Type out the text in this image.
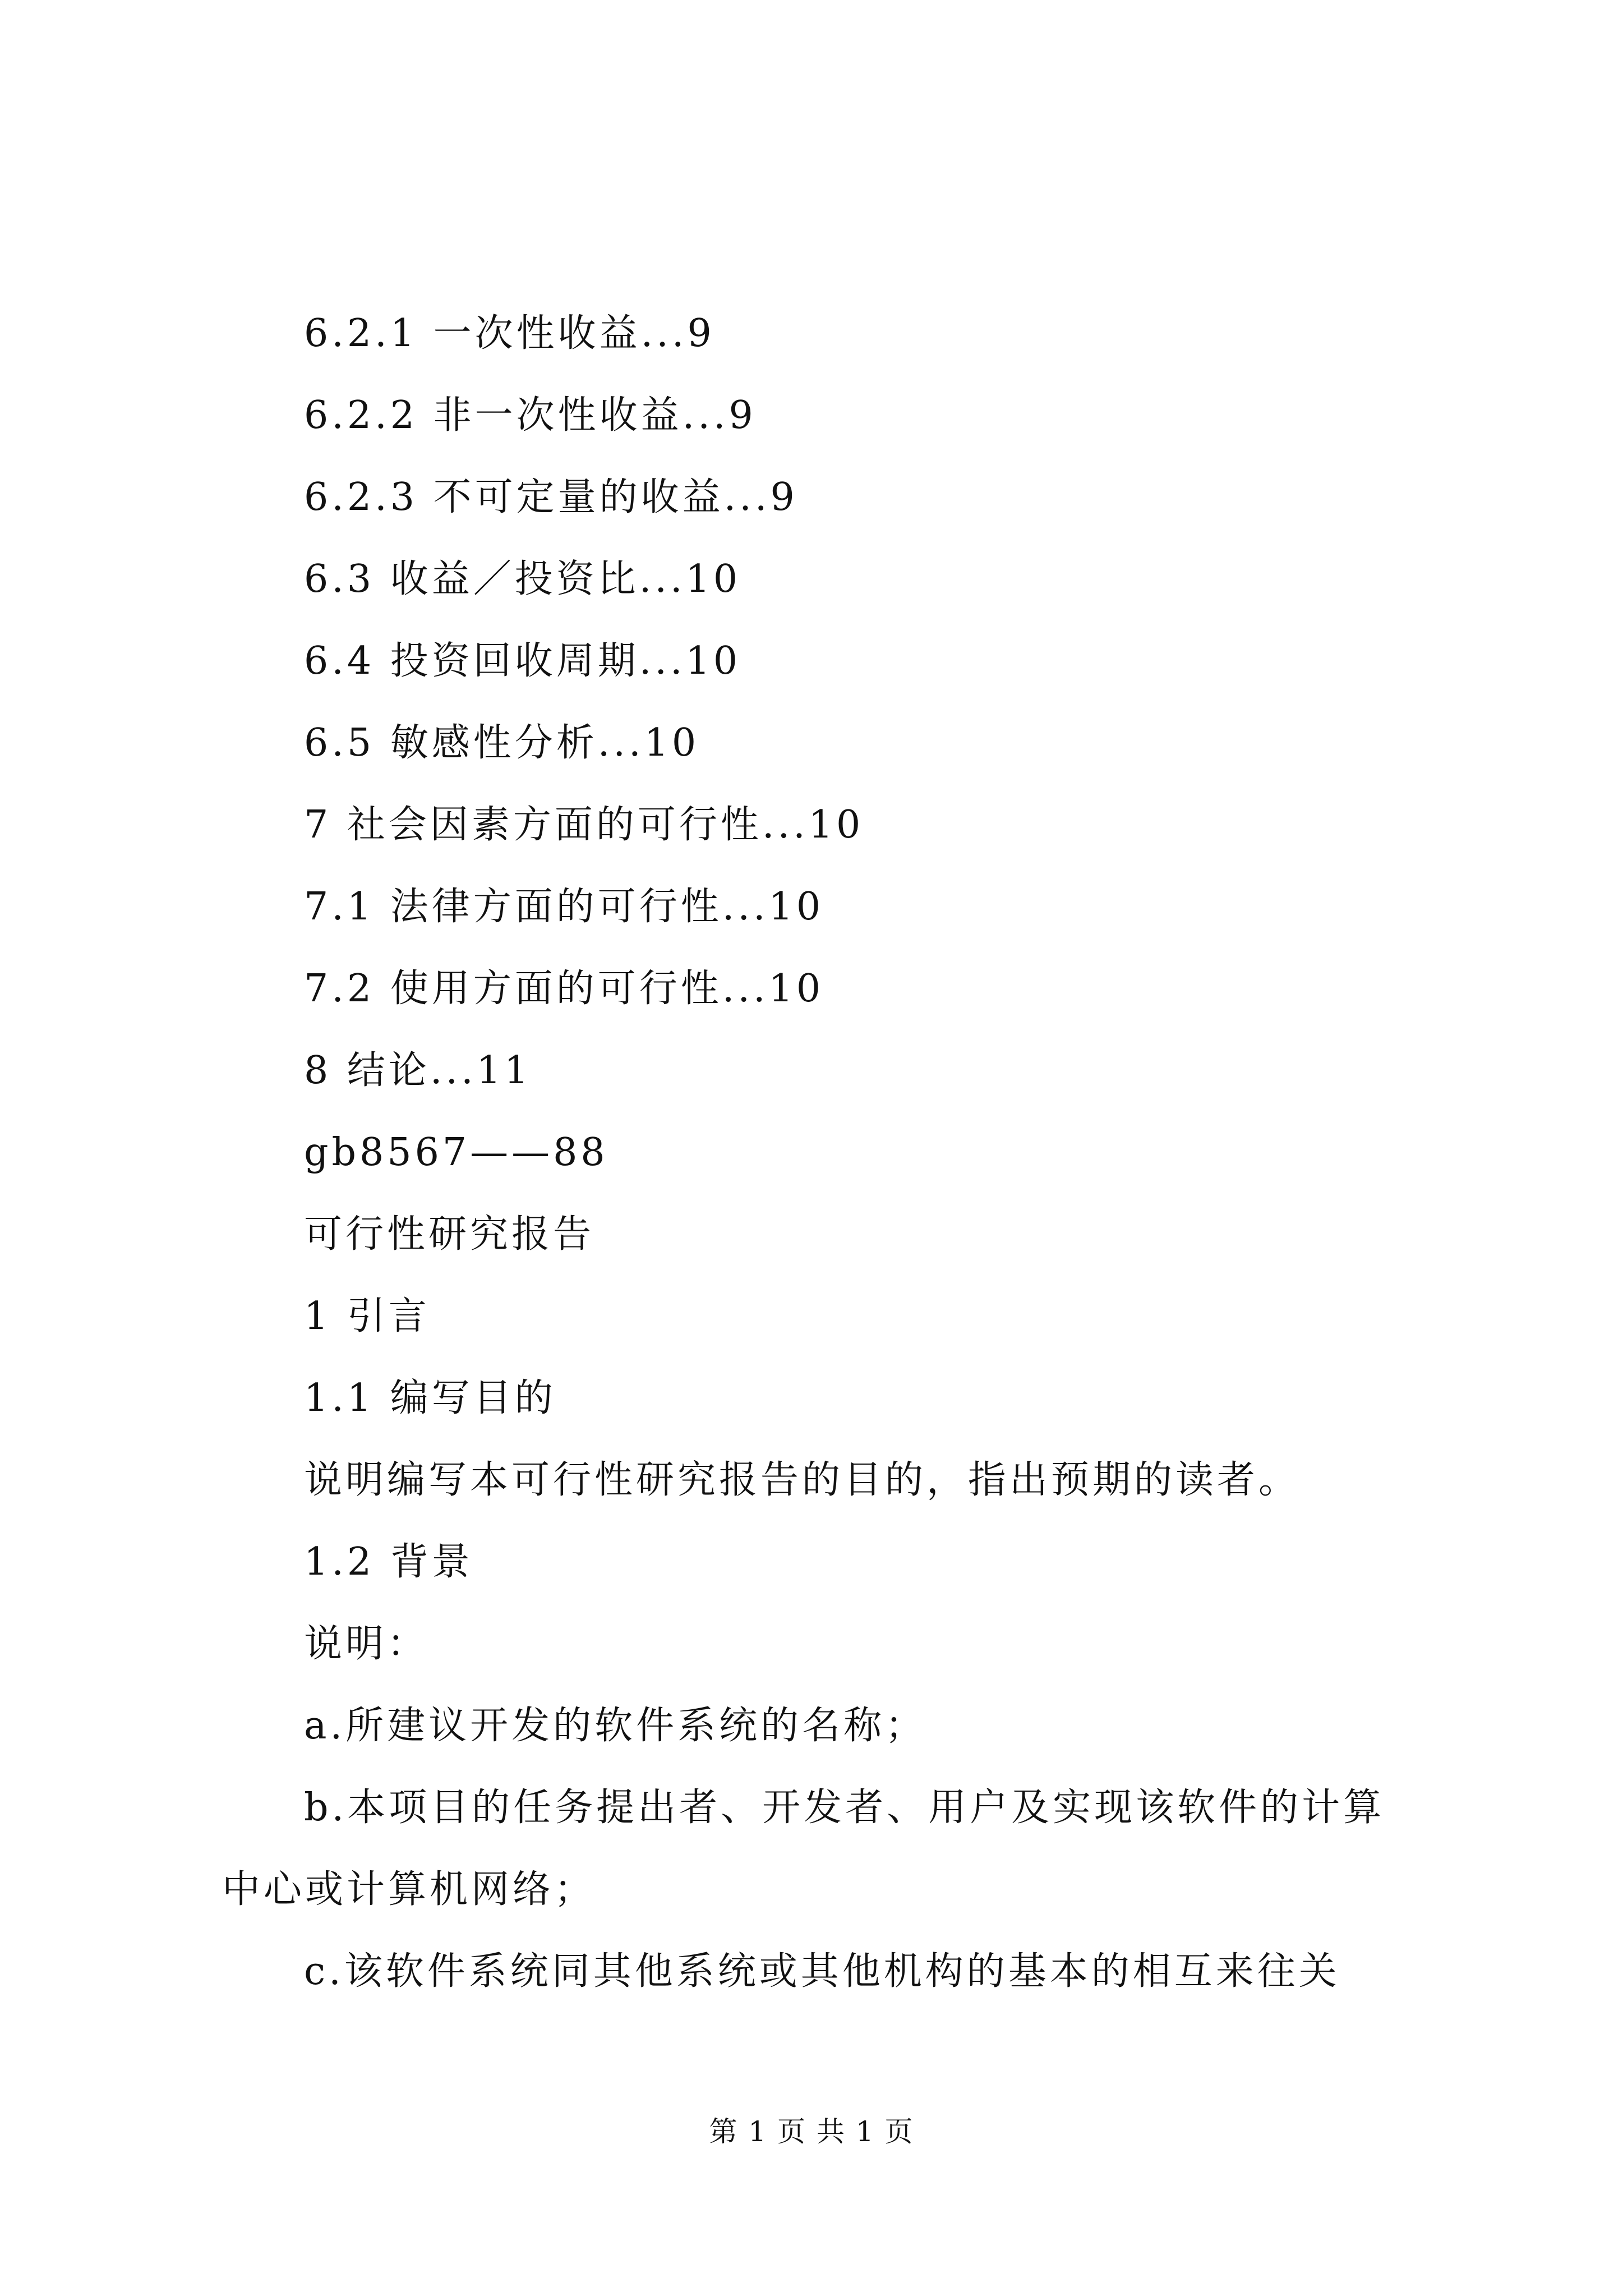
6.2.1 一次性收益...9
6.2.2 非一次性收益...9
6.2.3 不可定量的收益...9
6.3 收益／投资比...10
6.4 投资回收周期...10
6.5 敏感性分析...10
7 社会因素方面的可行性...10
7.1 法律方面的可行性...10
7.2 使用方面的可行性...10
8 结论...11
gb8567——88
可行性研究报告
1 引言
1.1 编写目的
说明编写本可行性研究报告的目的，指出预期的读者。
1.2 背景
说明：
a.所建议开发的软件系统的名称；
b.本项目的任务提出者、开发者、用户及实现该软件的计算
中心或计算机网络；
c.该软件系统同其他系统或其他机构的基本的相互来往关
第 1 页 共 1 页
